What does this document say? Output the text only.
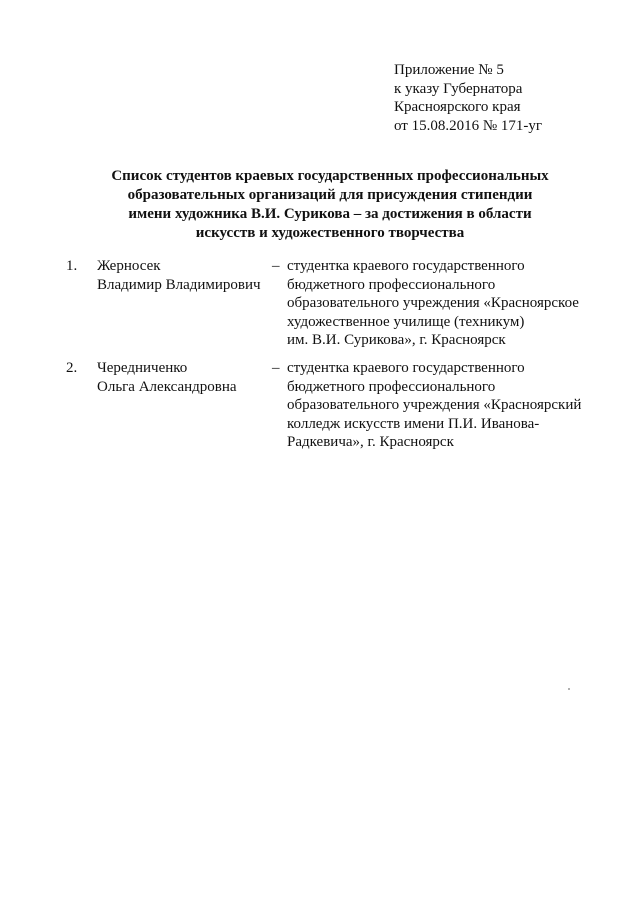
Приложение № 5
к указу Губернатора
Красноярского края
от 15.08.2016 № 171-уг
Список студентов краевых государственных профессиональных
образовательных организаций для присуждения стипендии
имени художника В.И. Сурикова – за достижения в области
искусств и художественного творчества
1. Жерносек
Владимир Владимирович
– студентка краевого государственного
бюджетного профессионального
образовательного учреждения «Красноярское
художественное училище (техникум)
им. В.И. Сурикова», г. Красноярск
2. Чередниченко
Ольга Александровна
– студентка краевого государственного
бюджетного профессионального
образовательного учреждения «Красноярский
колледж искусств имени П.И. Иванова-
Радкевича», г. Красноярск
